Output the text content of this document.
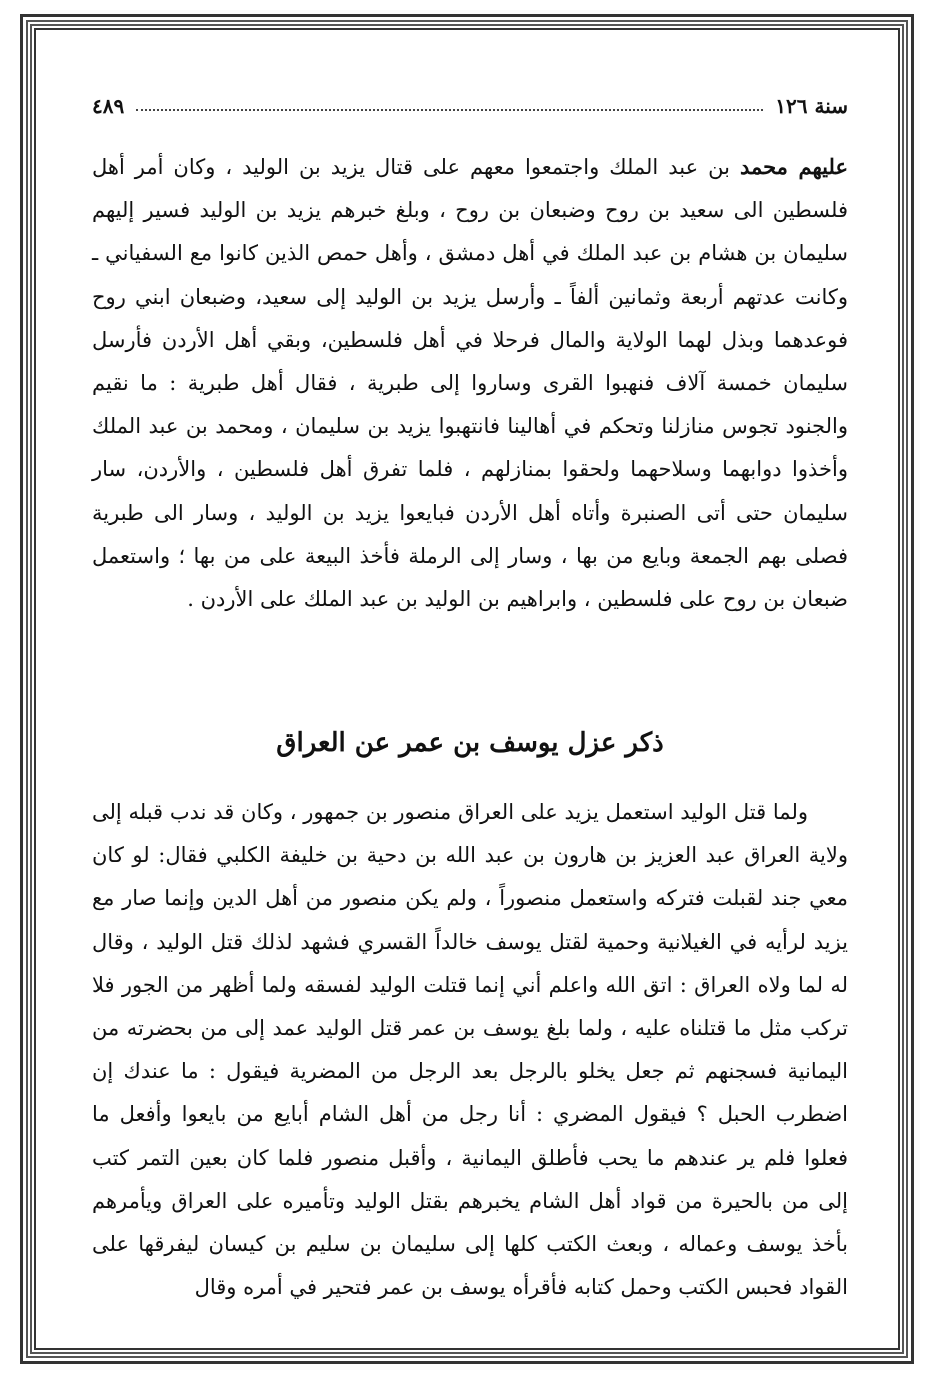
سنة ١٢٦
٤٨٩

عليهم محمد بن عبد الملك واجتمعوا معهم على قتال يزيد بن الوليد ، وكان أمر أهل فلسطين الى سعيد بن روح وضبعان بن روح ، وبلغ خبرهم يزيد بن الوليد فسير إليهم سليمان بن هشام بن عبد الملك في أهل دمشق ، وأهل حمص الذين كانوا مع السفياني ـ وكانت عدتهم أربعة وثمانين ألفاً ـ وأرسل يزيد بن الوليد إلى سعيد، وضبعان ابني روح فوعدهما وبذل لهما الولاية والمال فرحلا في أهل فلسطين، وبقي أهل الأردن فأرسل سليمان خمسة آلاف فنهبوا القرى وساروا إلى طبرية ، فقال أهل طبرية : ما نقيم والجنود تجوس منازلنا وتحكم في أهالينا فانتهبوا يزيد بن سليمان ، ومحمد بن عبد الملك وأخذوا دوابهما وسلاحهما ولحقوا بمنازلهم ، فلما تفرق أهل فلسطين ، والأردن، سار سليمان حتى أتى الصنبرة وأتاه أهل الأردن فبايعوا يزيد بن الوليد ، وسار الى طبرية فصلى بهم الجمعة وبايع من بها ، وسار إلى الرملة فأخذ البيعة على من بها ؛ واستعمل ضبعان بن روح على فلسطين ، وابراهيم بن الوليد بن عبد الملك على الأردن .

ذكر عزل يوسف بن عمر عن العراق

ولما قتل الوليد استعمل يزيد على العراق منصور بن جمهور ، وكان قد ندب قبله إلى ولاية العراق عبد العزيز بن هارون بن عبد الله بن دحية بن خليفة الكلبي فقال: لو كان معي جند لقبلت فتركه واستعمل منصوراً ، ولم يكن منصور من أهل الدين وإنما صار مع يزيد لرأيه في الغيلانية وحمية لقتل يوسف خالداً القسري فشهد لذلك قتل الوليد ، وقال له لما ولاه العراق : اتق الله واعلم أني إنما قتلت الوليد لفسقه ولما أظهر من الجور فلا تركب مثل ما قتلناه عليه ، ولما بلغ يوسف بن عمر قتل الوليد عمد إلى من بحضرته من اليمانية فسجنهم ثم جعل يخلو بالرجل بعد الرجل من المضرية فيقول : ما عندك إن اضطرب الحبل ؟ فيقول المضري : أنا رجل من أهل الشام أبايع من بايعوا وأفعل ما فعلوا فلم ير عندهم ما يحب فأطلق اليمانية ، وأقبل منصور فلما كان بعين التمر كتب إلى من بالحيرة من قواد أهل الشام يخبرهم بقتل الوليد وتأميره على العراق ويأمرهم بأخذ يوسف وعماله ، وبعث الكتب كلها إلى سليمان بن سليم بن كيسان ليفرقها على القواد فحبس الكتب وحمل كتابه فأقرأه يوسف بن عمر فتحير في أمره وقال
